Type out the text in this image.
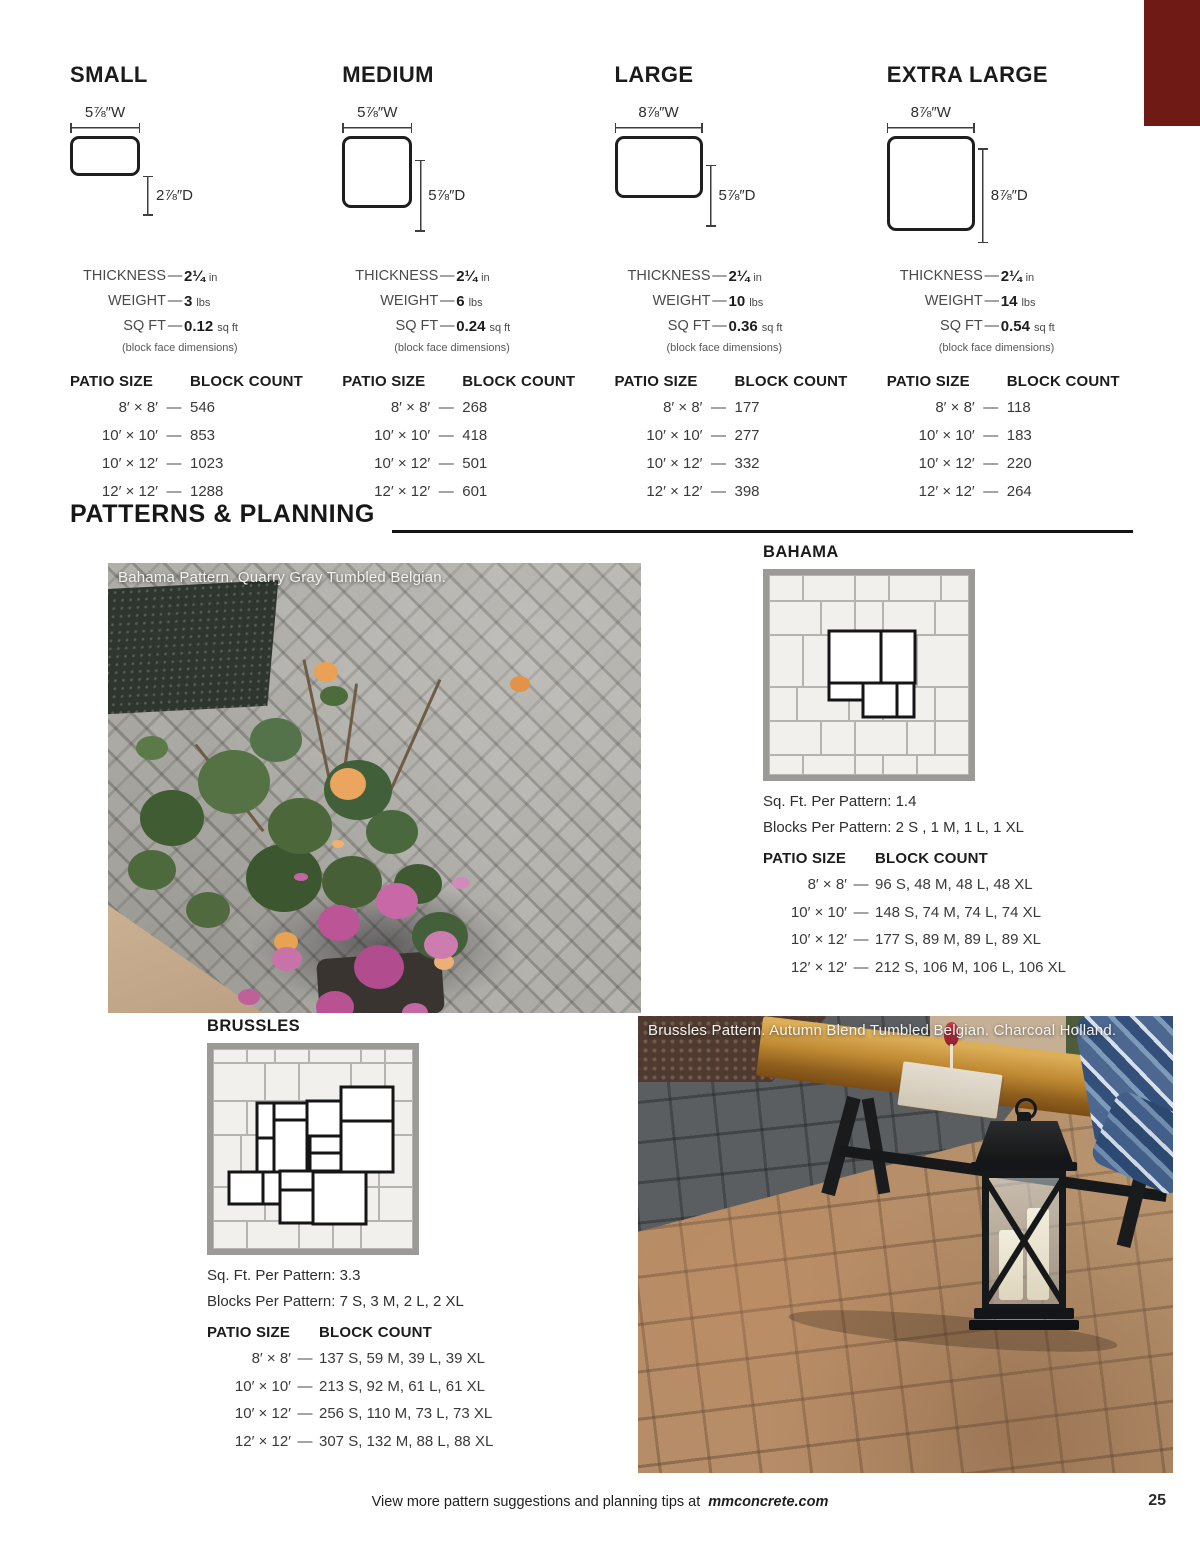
SMALL
5⅞″W
2⅞″D
THICKNESS — 2¼ in
WEIGHT — 3 lbs
SQ FT — 0.12 sq ft
(block face dimensions)
PATIO SIZE	BLOCK COUNT
8′ × 8′ — 546
10′ × 10′ — 853
10′ × 12′ — 1023
12′ × 12′ — 1288
MEDIUM
5⅞″W
5⅞″D
THICKNESS — 2¼ in
WEIGHT — 6 lbs
SQ FT — 0.24 sq ft
(block face dimensions)
PATIO SIZE	BLOCK COUNT
8′ × 8′ — 268
10′ × 10′ — 418
10′ × 12′ — 501
12′ × 12′ — 601
LARGE
8⅞″W
5⅞″D
THICKNESS — 2¼ in
WEIGHT — 10 lbs
SQ FT — 0.36 sq ft
(block face dimensions)
PATIO SIZE	BLOCK COUNT
8′ × 8′ — 177
10′ × 10′ — 277
10′ × 12′ — 332
12′ × 12′ — 398
EXTRA LARGE
8⅞″W
8⅞″D
THICKNESS — 2¼ in
WEIGHT — 14 lbs
SQ FT — 0.54 sq ft
(block face dimensions)
PATIO SIZE	BLOCK COUNT
8′ × 8′ — 118
10′ × 10′ — 183
10′ × 12′ — 220
12′ × 12′ — 264
PATTERNS & PLANNING
Bahama Pattern. Quarry Gray Tumbled Belgian.
BAHAMA
Sq. Ft. Per Pattern: 1.4
Blocks Per Pattern: 2 S , 1 M, 1 L, 1 XL
PATIO SIZE	BLOCK COUNT
8′ × 8′ — 96 S, 48 M, 48 L, 48 XL
10′ × 10′ — 148 S, 74 M, 74 L, 74 XL
10′ × 12′ — 177 S, 89 M, 89 L, 89 XL
12′ × 12′ — 212 S, 106 M, 106 L, 106 XL
Brussles Pattern. Autumn Blend Tumbled Belgian. Charcoal Holland.
BRUSSLES
Sq. Ft. Per Pattern: 3.3
Blocks Per Pattern: 7 S, 3 M, 2 L, 2 XL
PATIO SIZE	BLOCK COUNT
8′ × 8′ — 137 S, 59 M, 39 L, 39 XL
10′ × 10′ — 213 S, 92 M, 61 L, 61 XL
10′ × 12′ — 256 S, 110 M, 73 L, 73 XL
12′ × 12′ — 307 S, 132 M, 88 L, 88 XL
View more pattern suggestions and planning tips at mmconcrete.com	25
